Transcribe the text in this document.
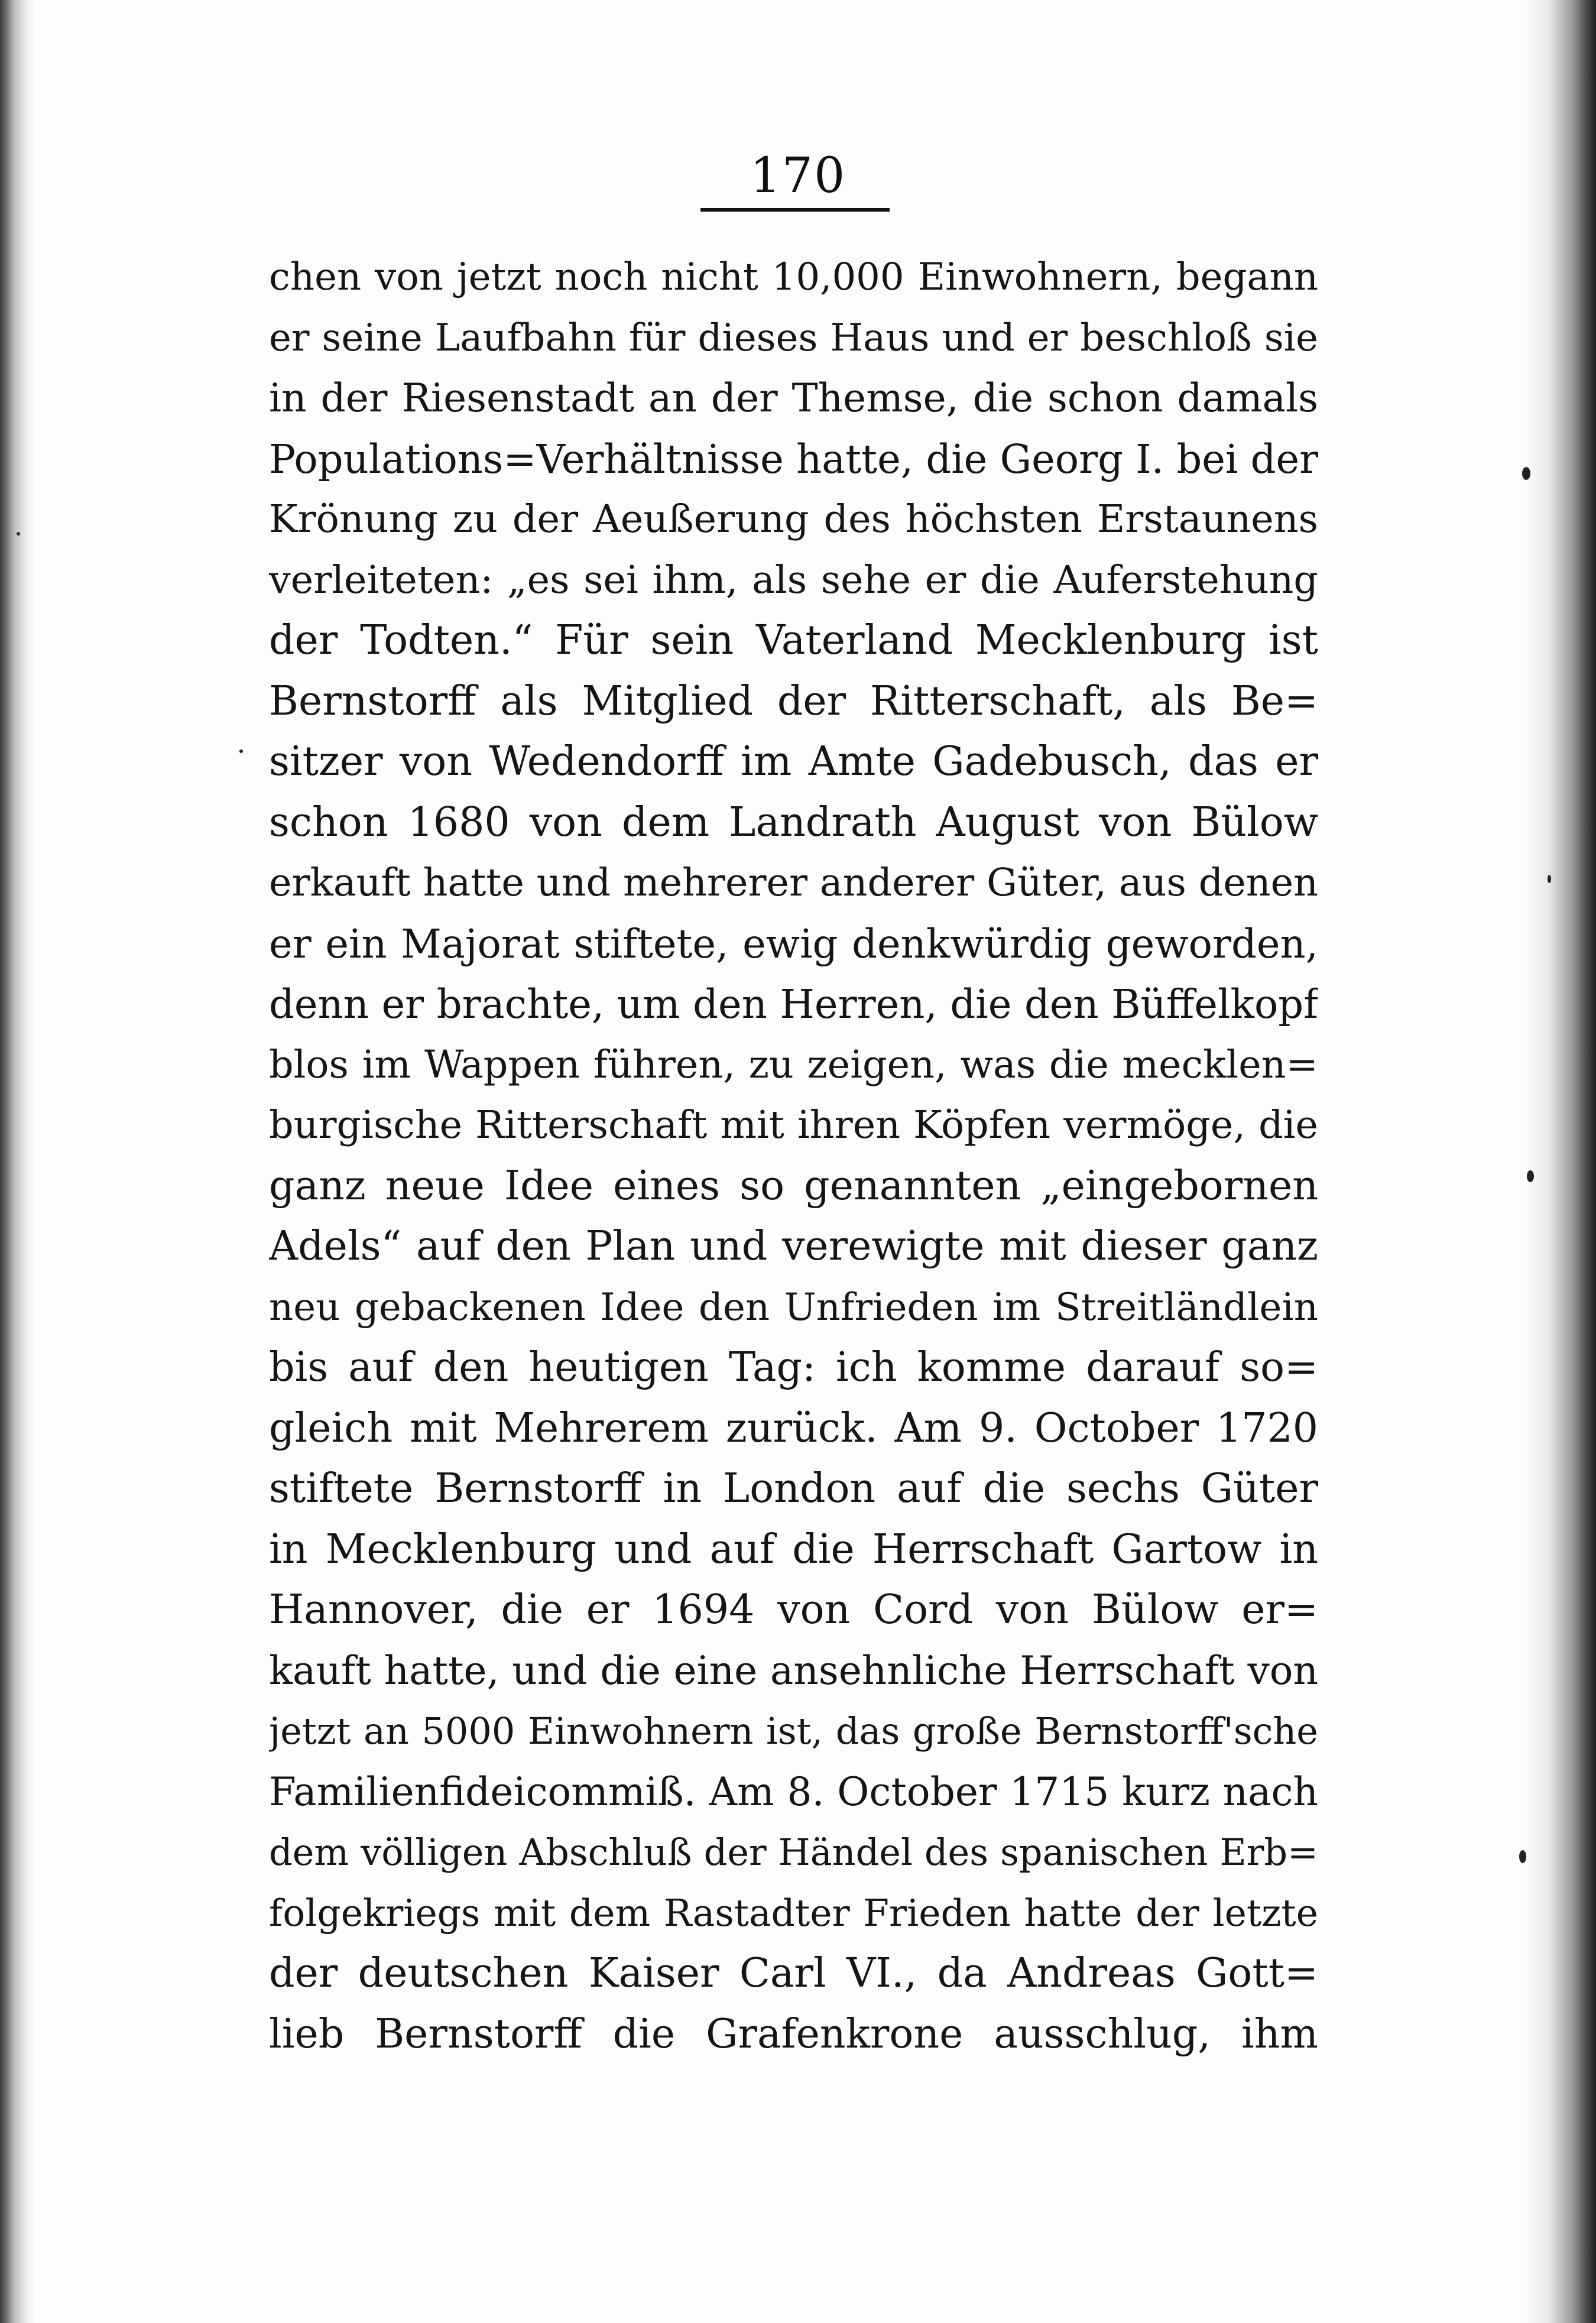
170
chen von jetzt noch nicht 10,000 Einwohnern, begann
er seine Laufbahn für dieses Haus und er beschloß sie
in der Riesenstadt an der Themse, die schon damals
Populations=Verhältnisse hatte, die Georg I. bei der
Krönung zu der Aeußerung des höchsten Erstaunens
verleiteten: „es sei ihm, als sehe er die Auferstehung
der Todten.“ Für sein Vaterland Mecklenburg ist
Bernstorff als Mitglied der Ritterschaft, als Be=
sitzer von Wedendorff im Amte Gadebusch, das er
schon 1680 von dem Landrath August von Bülow
erkauft hatte und mehrerer anderer Güter, aus denen
er ein Majorat stiftete, ewig denkwürdig geworden,
denn er brachte, um den Herren, die den Büffelkopf
blos im Wappen führen, zu zeigen, was die mecklen=
burgische Ritterschaft mit ihren Köpfen vermöge, die
ganz neue Idee eines so genannten „eingebornen
Adels“ auf den Plan und verewigte mit dieser ganz
neu gebackenen Idee den Unfrieden im Streitländlein
bis auf den heutigen Tag: ich komme darauf so=
gleich mit Mehrerem zurück. Am 9. October 1720
stiftete Bernstorff in London auf die sechs Güter
in Mecklenburg und auf die Herrschaft Gartow in
Hannover, die er 1694 von Cord von Bülow er=
kauft hatte, und die eine ansehnliche Herrschaft von
jetzt an 5000 Einwohnern ist, das große Bernstorff'sche
Familienfideicommiß. Am 8. October 1715 kurz nach
dem völligen Abschluß der Händel des spanischen Erb=
folgekriegs mit dem Rastadter Frieden hatte der letzte
der deutschen Kaiser Carl VI., da Andreas Gott=
lieb Bernstorff die Grafenkrone ausschlug, ihm
